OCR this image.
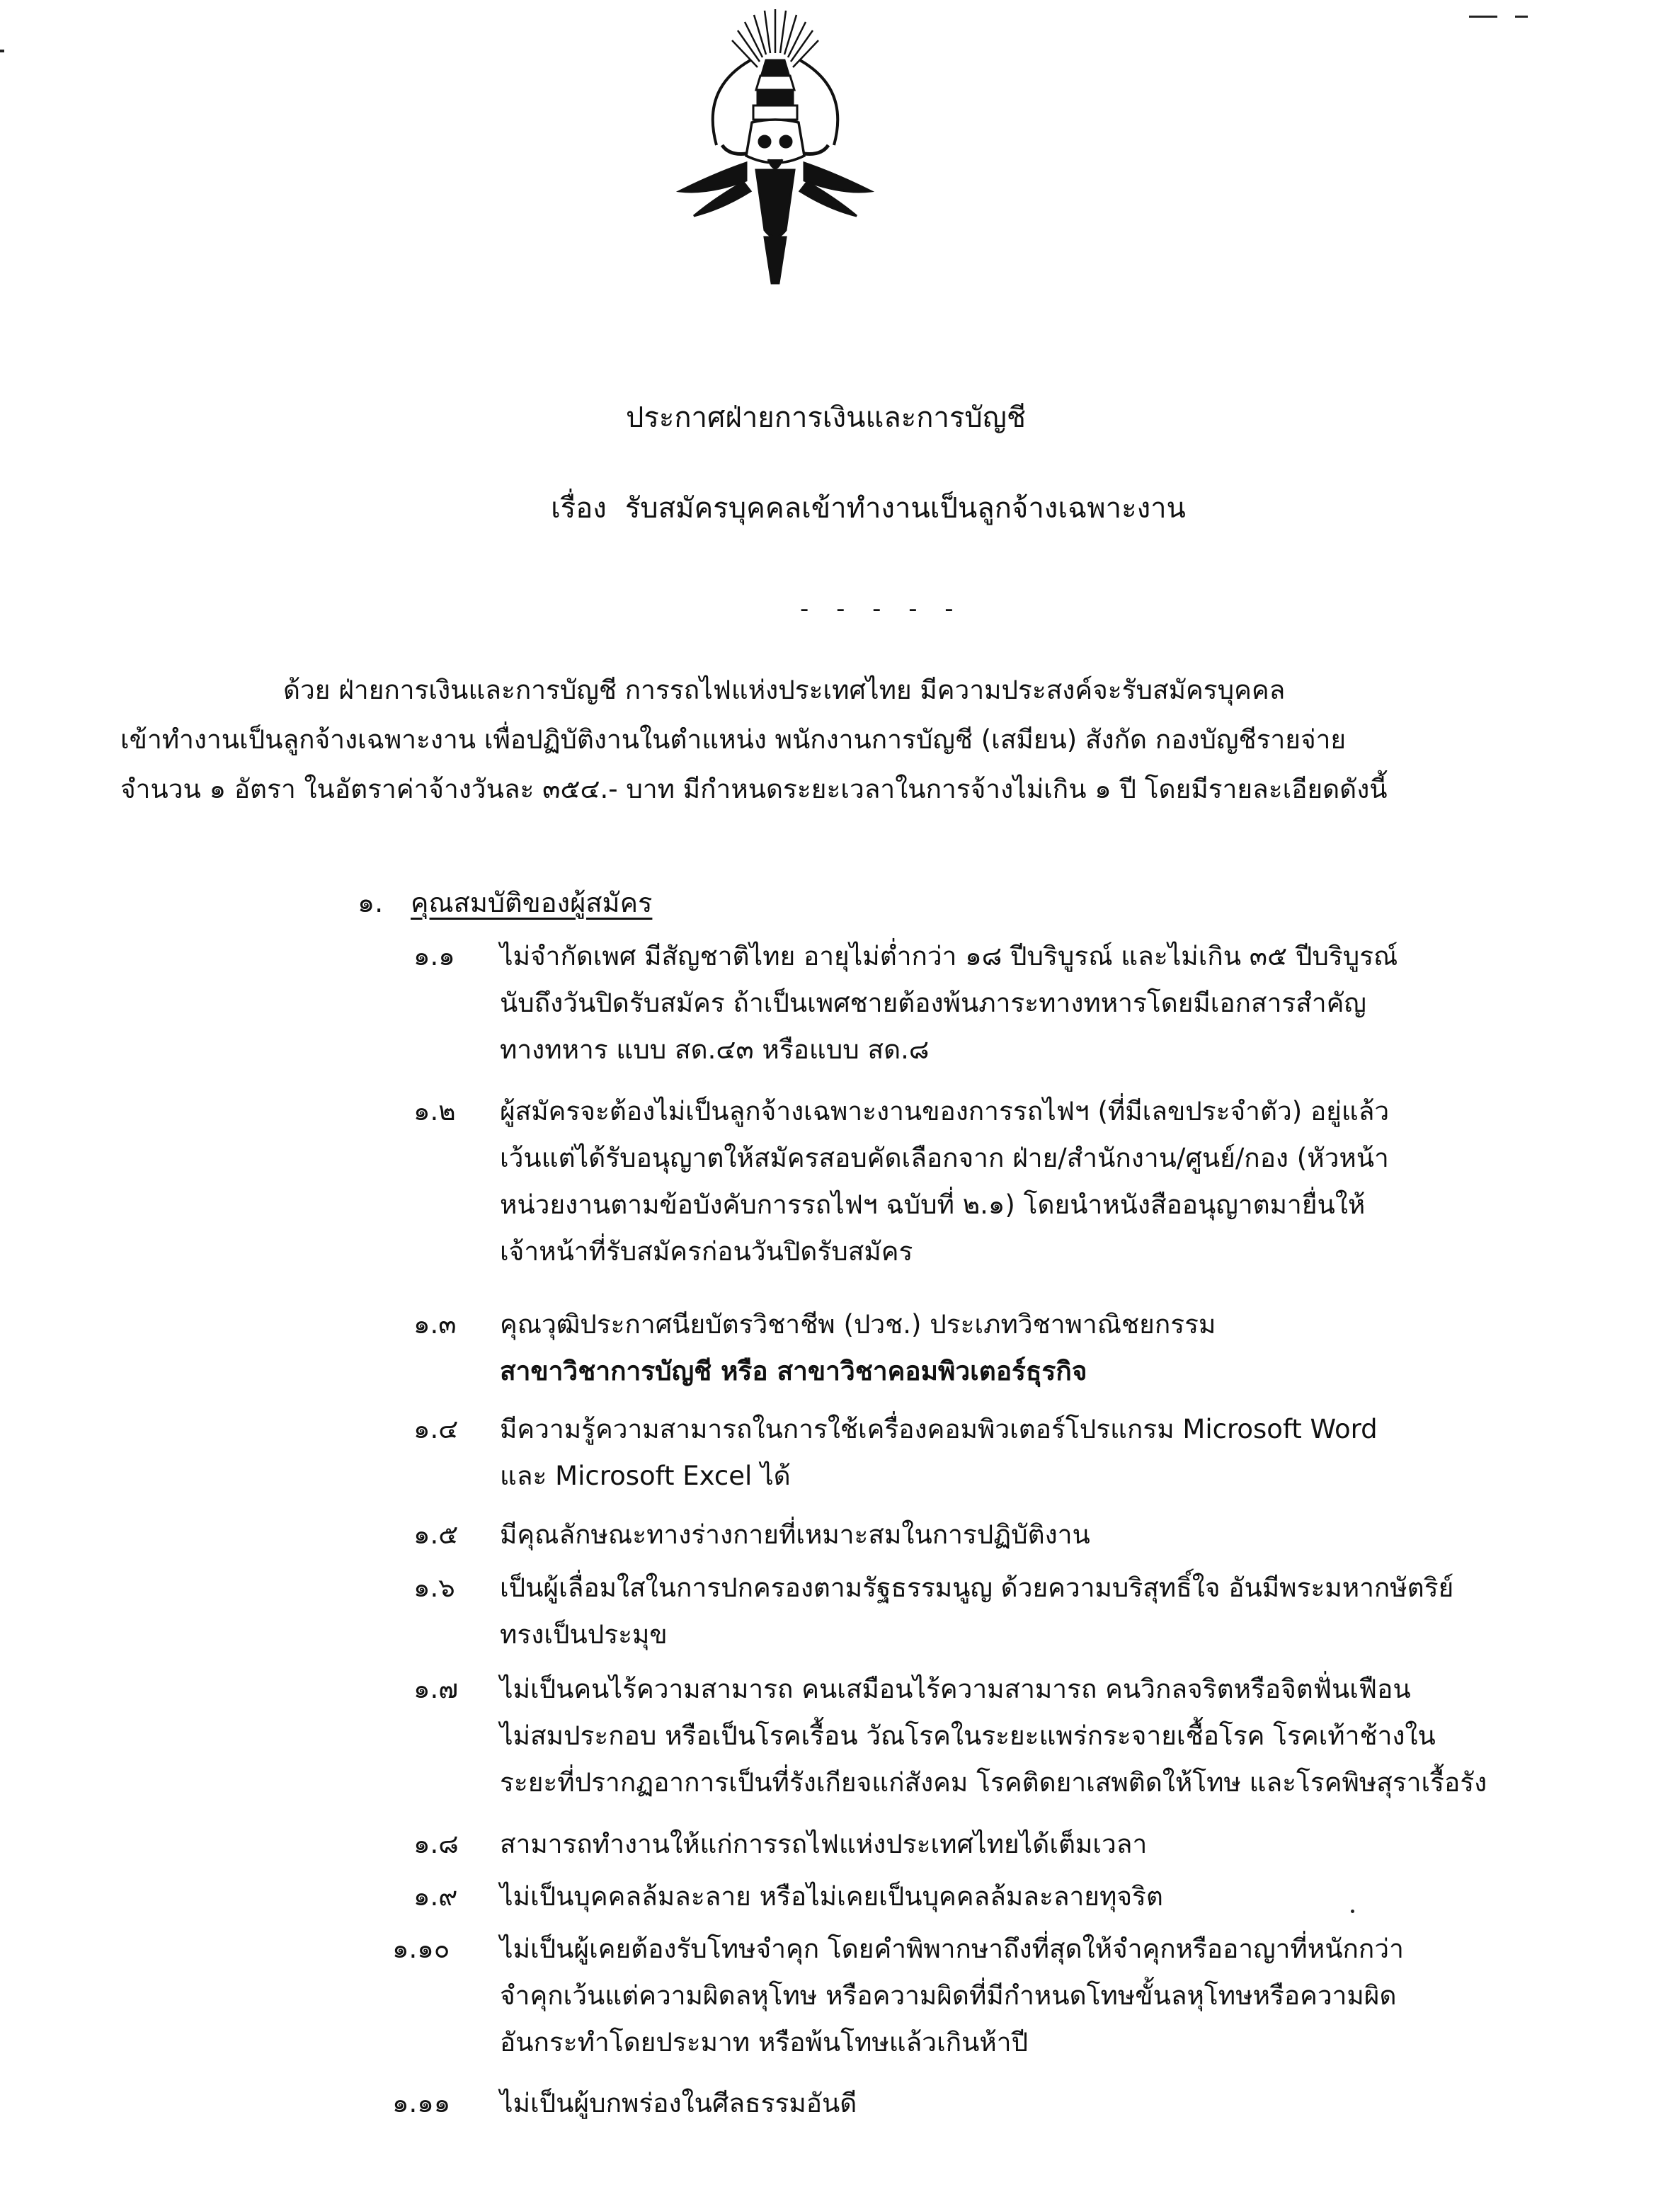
ประกาศฝ่ายการเงินและการบัญชี
เรื่อง รับสมัครบุคคลเข้าทำงานเป็นลูกจ้างเฉพาะงาน
- - - - -
ด้วย ฝ่ายการเงินและการบัญชี การรถไฟแห่งประเทศไทย มีความประสงค์จะรับสมัครบุคคล
เข้าทำงานเป็นลูกจ้างเฉพาะงาน เพื่อปฏิบัติงานในตำแหน่ง พนักงานการบัญชี (เสมียน) สังกัด กองบัญชีรายจ่าย
จำนวน ๑ อัตรา ในอัตราค่าจ้างวันละ ๓๕๔.- บาท มีกำหนดระยะเวลาในการจ้างไม่เกิน ๑ ปี โดยมีรายละเอียดดังนี้
๑. คุณสมบัติของผู้สมัคร
๑.๑	ไม่จำกัดเพศ มีสัญชาติไทย อายุไม่ต่ำกว่า ๑๘ ปีบริบูรณ์ และไม่เกิน ๓๕ ปีบริบูรณ์
นับถึงวันปิดรับสมัคร ถ้าเป็นเพศชายต้องพ้นภาระทางทหารโดยมีเอกสารสำคัญ
ทางทหาร แบบ สด.๔๓ หรือแบบ สด.๘
๑.๒	ผู้สมัครจะต้องไม่เป็นลูกจ้างเฉพาะงานของการรถไฟฯ (ที่มีเลขประจำตัว) อยู่แล้ว
เว้นแต่ได้รับอนุญาตให้สมัครสอบคัดเลือกจาก ฝ่าย/สำนักงาน/ศูนย์/กอง (หัวหน้า
หน่วยงานตามข้อบังคับการรถไฟฯ ฉบับที่ ๒.๑) โดยนำหนังสืออนุญาตมายื่นให้
เจ้าหน้าที่รับสมัครก่อนวันปิดรับสมัคร
๑.๓	คุณวุฒิประกาศนียบัตรวิชาชีพ (ปวช.) ประเภทวิชาพาณิชยกรรม
สาขาวิชาการบัญชี หรือ สาขาวิชาคอมพิวเตอร์ธุรกิจ
๑.๔	มีความรู้ความสามารถในการใช้เครื่องคอมพิวเตอร์โปรแกรม Microsoft Word
และ Microsoft Excel ได้
๑.๕	มีคุณลักษณะทางร่างกายที่เหมาะสมในการปฏิบัติงาน
๑.๖	เป็นผู้เลื่อมใสในการปกครองตามรัฐธรรมนูญ ด้วยความบริสุทธิ์ใจ อันมีพระมหากษัตริย์
ทรงเป็นประมุข
๑.๗	ไม่เป็นคนไร้ความสามารถ คนเสมือนไร้ความสามารถ คนวิกลจริตหรือจิตฟั่นเฟือน
ไม่สมประกอบ หรือเป็นโรคเรื้อน วัณโรคในระยะแพร่กระจายเชื้อโรค โรคเท้าช้างใน
ระยะที่ปรากฏอาการเป็นที่รังเกียจแก่สังคม โรคติดยาเสพติดให้โทษ และโรคพิษสุราเรื้อรัง
๑.๘	สามารถทำงานให้แก่การรถไฟแห่งประเทศไทยได้เต็มเวลา
๑.๙	ไม่เป็นบุคคลล้มละลาย หรือไม่เคยเป็นบุคคลล้มละลายทุจริต
๑.๑๐	ไม่เป็นผู้เคยต้องรับโทษจำคุก โดยคำพิพากษาถึงที่สุดให้จำคุกหรืออาญาที่หนักกว่า
จำคุกเว้นแต่ความผิดลหุโทษ หรือความผิดที่มีกำหนดโทษขั้นลหุโทษหรือความผิด
อันกระทำโดยประมาท หรือพ้นโทษแล้วเกินห้าปี
๑.๑๑	ไม่เป็นผู้บกพร่องในศีลธรรมอันดี
